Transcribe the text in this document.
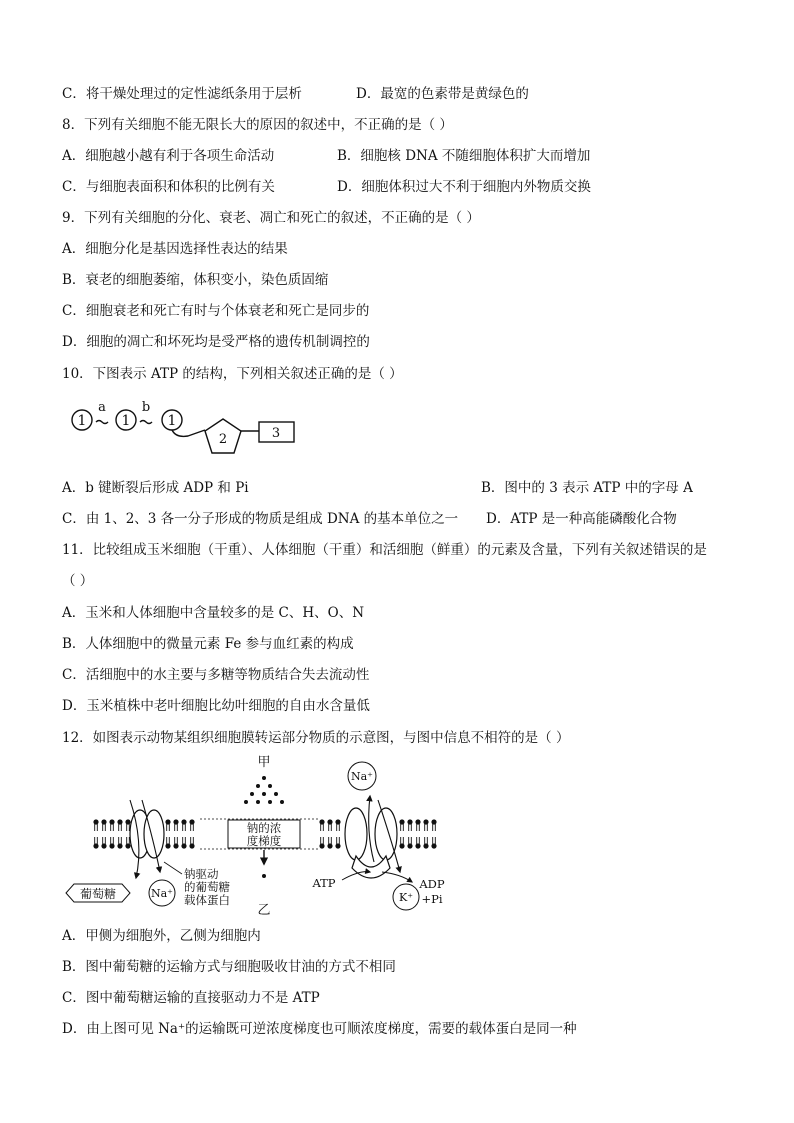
C．将干燥处理过的定性滤纸条用于层析	D．最宽的色素带是黄绿色的
8．下列有关细胞不能无限长大的原因的叙述中，不正确的是（ ）
A．细胞越小越有利于各项生命活动	B．细胞核 DNA 不随细胞体积扩大而增加
C．与细胞表面积和体积的比例有关	D．细胞体积过大不利于细胞内外物质交换
9．下列有关细胞的分化、衰老、凋亡和死亡的叙述，不正确的是（ ）
A．细胞分化是基因选择性表达的结果
B．衰老的细胞萎缩，体积变小，染色质固缩
C．细胞衰老和死亡有时与个体衰老和死亡是同步的
D．细胞的凋亡和坏死均是受严格的遗传机制调控的
10．下图表示 ATP 的结构，下列相关叙述正确的是（ ）
1	1	1
a	b
2	3
A．b 键断裂后形成 ADP 和 Pi	B．图中的 3 表示 ATP 中的字母 A
C．由 1、2、3 各一分子形成的物质是组成 DNA 的基本单位之一 D．ATP 是一种高能磷酸化合物
11．比较组成玉米细胞（干重）、人体细胞（干重）和活细胞（鲜重）的元素及含量，下列有关叙述错误的是
（ ）
A．玉米和人体细胞中含量较多的是 C、H、O、N
B．人体细胞中的微量元素 Fe 参与血红素的构成
C．活细胞中的水主要与多糖等物质结合失去流动性
D．玉米植株中老叶细胞比幼叶细胞的自由水含量低
12．如图表示动物某组织细胞膜转运部分物质的示意图，与图中信息不相符的是（ ）
甲
钠的浓
度梯度
乙
葡萄糖	Na⁺
钠驱动
的葡萄糖
载体蛋白
Na⁺
ATP	ADP
+Pi
K⁺
A．甲侧为细胞外，乙侧为细胞内
B．图中葡萄糖的运输方式与细胞吸收甘油的方式不相同
C．图中葡萄糖运输的直接驱动力不是 ATP
D．由上图可见 Na⁺的运输既可逆浓度梯度也可顺浓度梯度，需要的载体蛋白是同一种
